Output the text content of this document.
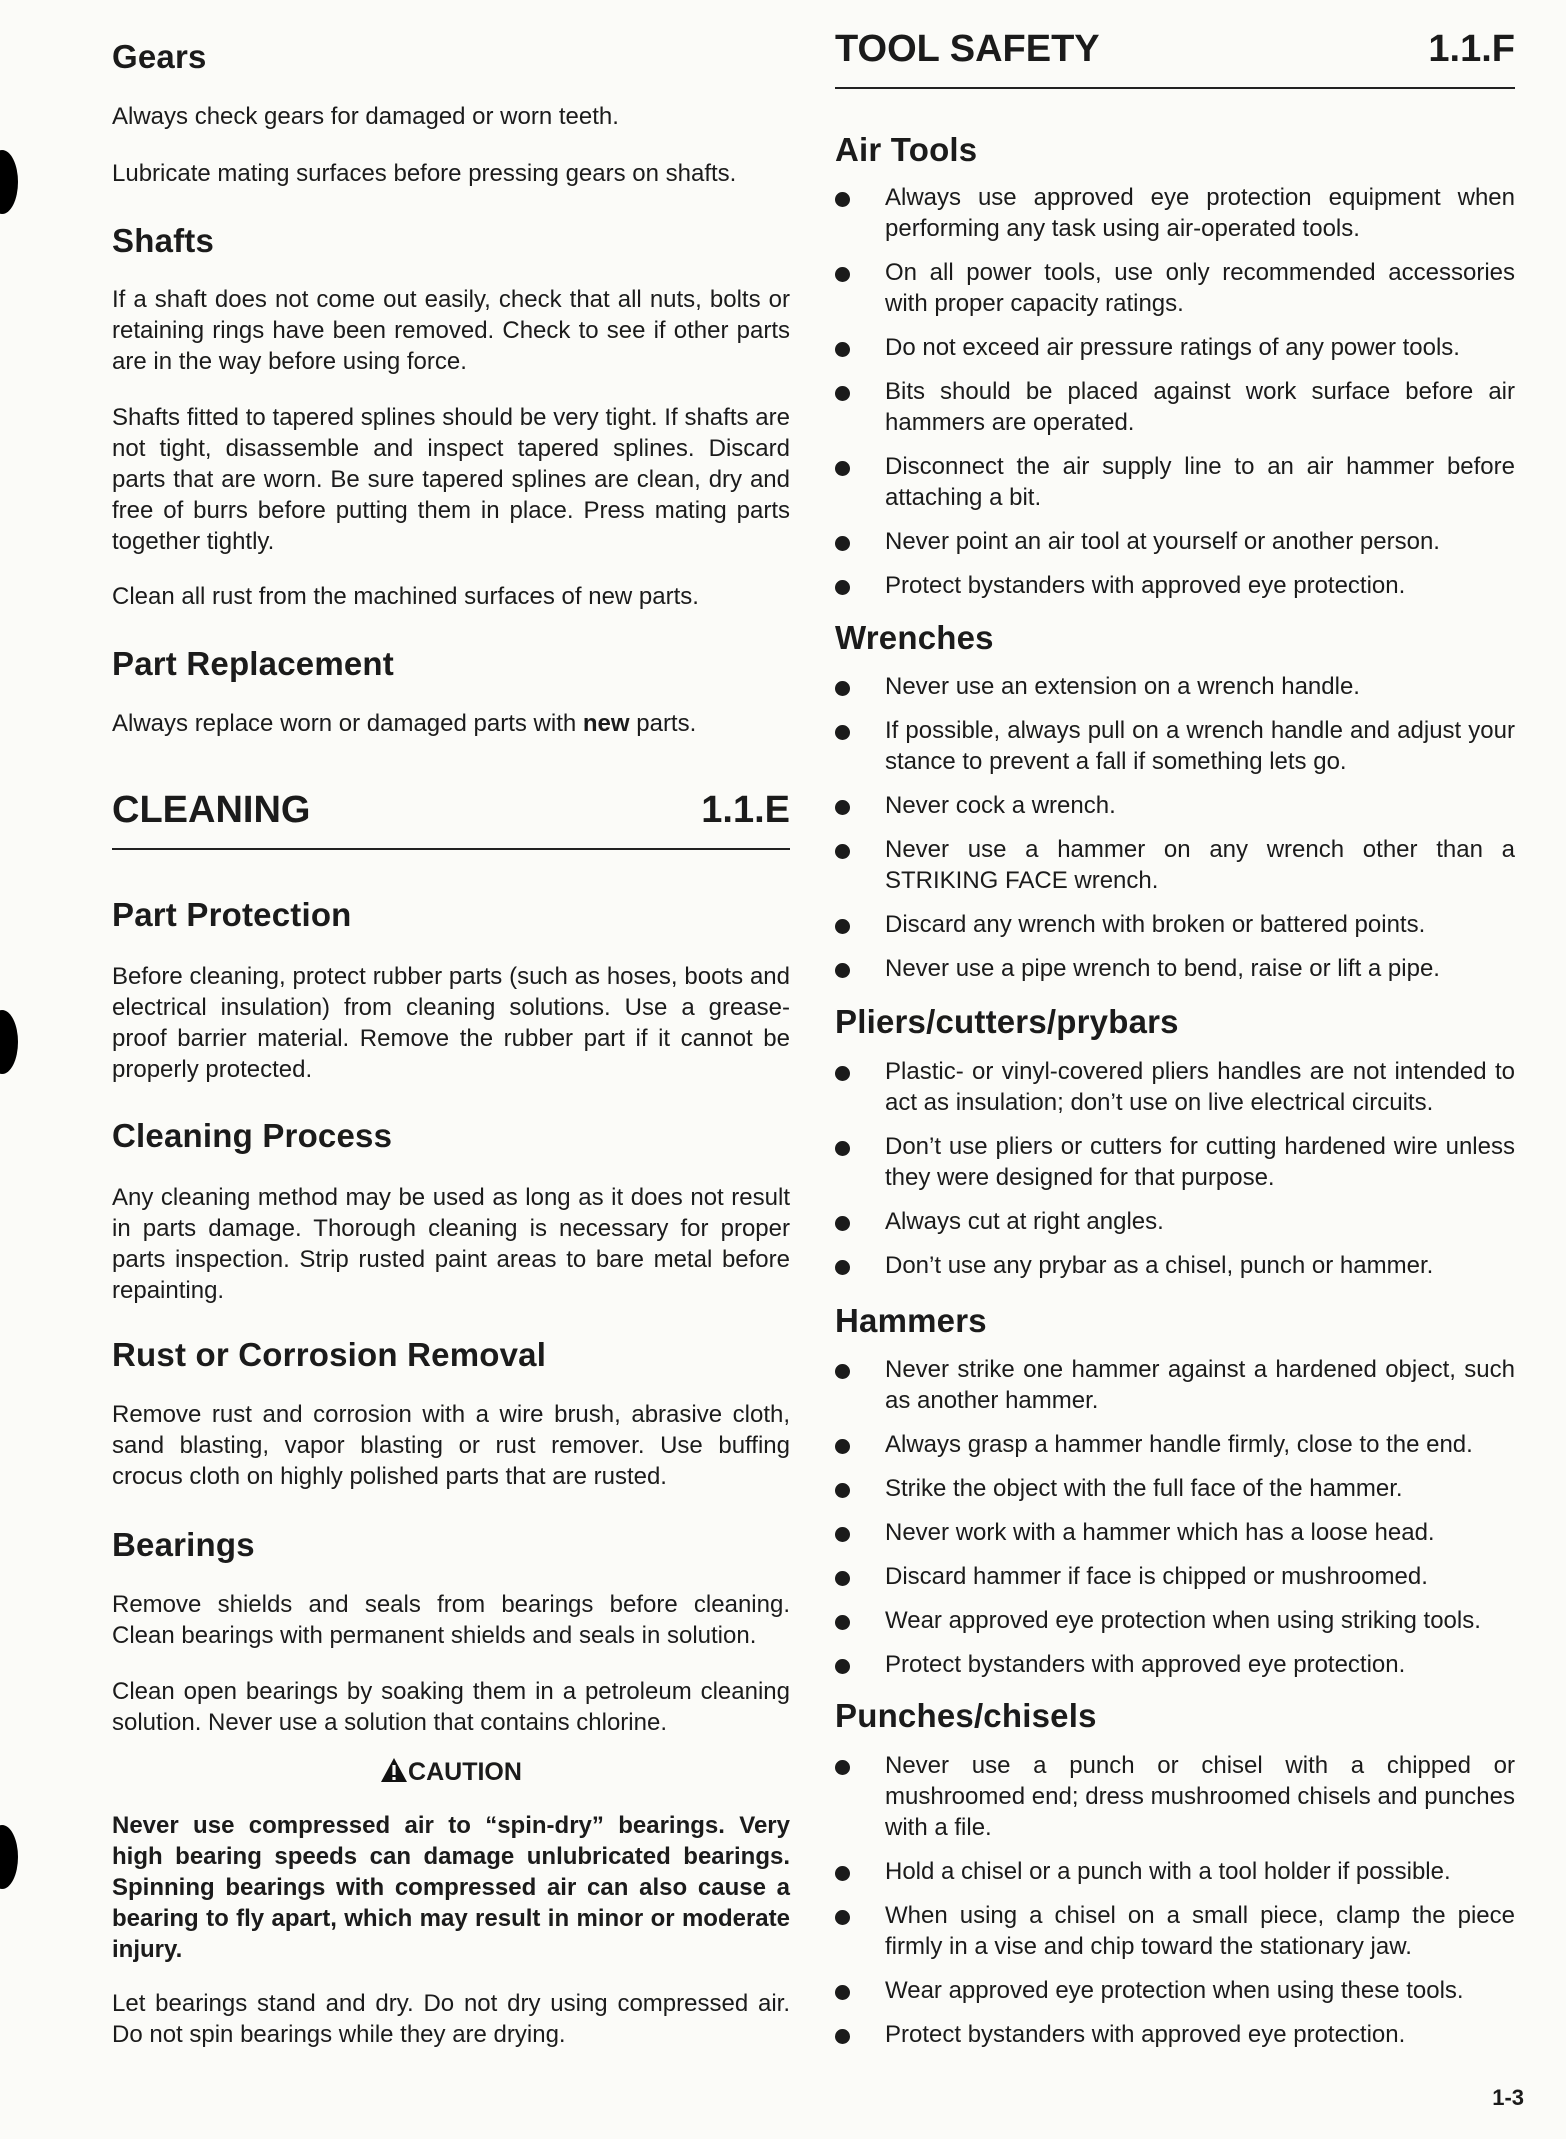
Gears

Always check gears for damaged or worn teeth.

Lubricate mating surfaces before pressing gears on shafts.

Shafts

If a shaft does not come out easily, check that all nuts, bolts or retaining rings have been removed. Check to see if other parts are in the way before using force.

Shafts fitted to tapered splines should be very tight. If shafts are not tight, disassemble and inspect tapered splines. Discard parts that are worn. Be sure tapered splines are clean, dry and free of burrs before putting them in place. Press mating parts together tightly.

Clean all rust from the machined surfaces of new parts.

Part Replacement

Always replace worn or damaged parts with new parts.

CLEANING	1.1.E
Part Protection

Before cleaning, protect rubber parts (such as hoses, boots and electrical insulation) from cleaning solutions. Use a grease-proof barrier material. Remove the rubber part if it cannot be properly protected.

Cleaning Process

Any cleaning method may be used as long as it does not result in parts damage. Thorough cleaning is necessary for proper parts inspection. Strip rusted paint areas to bare metal before repainting.

Rust or Corrosion Removal

Remove rust and corrosion with a wire brush, abrasive cloth, sand blasting, vapor blasting or rust remover. Use buffing crocus cloth on highly polished parts that are rusted.

Bearings

Remove shields and seals from bearings before cleaning. Clean bearings with permanent shields and seals in solution.

Clean open bearings by soaking them in a petroleum cleaning solution. Never use a solution that contains chlorine.

CAUTION

Never use compressed air to “spin-dry” bearings. Very high bearing speeds can damage unlubricated bearings. Spinning bearings with compressed air can also cause a bearing to fly apart, which may result in minor or moderate injury.

Let bearings stand and dry. Do not dry using compressed air. Do not spin bearings while they are drying.

TOOL SAFETY	1.1.F
Air Tools
Always use approved eye protection equipment when performing any task using air-operated tools.
On all power tools, use only recommended accessories with proper capacity ratings.
Do not exceed air pressure ratings of any power tools.
Bits should be placed against work surface before air hammers are operated.
Disconnect the air supply line to an air hammer before attaching a bit.
Never point an air tool at yourself or another person.
Protect bystanders with approved eye protection.
Wrenches
Never use an extension on a wrench handle.
If possible, always pull on a wrench handle and adjust your stance to prevent a fall if something lets go.
Never cock a wrench.
Never use a hammer on any wrench other than a STRIKING FACE wrench.
Discard any wrench with broken or battered points.
Never use a pipe wrench to bend, raise or lift a pipe.
Pliers/cutters/prybars
Plastic- or vinyl-covered pliers handles are not intended to act as insulation; don’t use on live electrical circuits.
Don’t use pliers or cutters for cutting hardened wire unless they were designed for that purpose.
Always cut at right angles.
Don’t use any prybar as a chisel, punch or hammer.
Hammers
Never strike one hammer against a hardened object, such as another hammer.
Always grasp a hammer handle firmly, close to the end.
Strike the object with the full face of the hammer.
Never work with a hammer which has a loose head.
Discard hammer if face is chipped or mushroomed.
Wear approved eye protection when using striking tools.
Protect bystanders with approved eye protection.
Punches/chisels
Never use a punch or chisel with a chipped or mushroomed end; dress mushroomed chisels and punches with a file.
Hold a chisel or a punch with a tool holder if possible.
When using a chisel on a small piece, clamp the piece firmly in a vise and chip toward the stationary jaw.
Wear approved eye protection when using these tools.
Protect bystanders with approved eye protection.
1-3
